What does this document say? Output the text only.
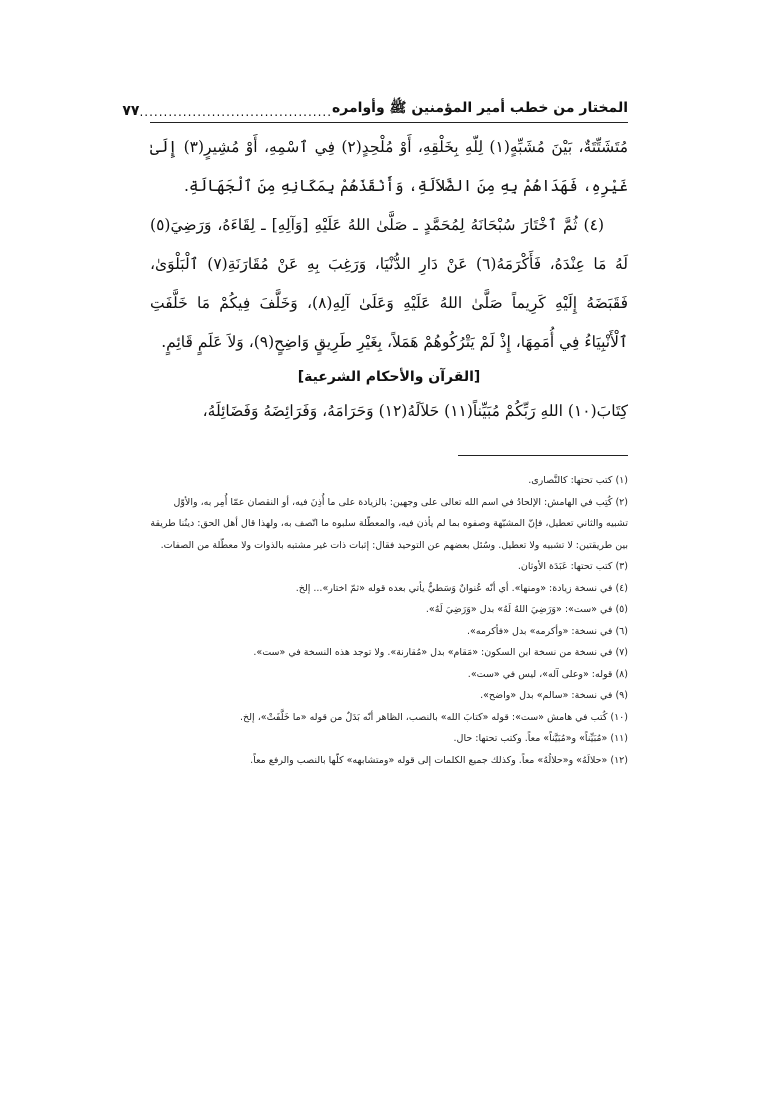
المختار من خطب أمير المؤمنين ﷺ وأوامره
........................................
٧٧

مُتَشَتِّتَةٌ، بَيْنَ مُشَبِّهٍ(١) لِلّهِ بِخَلْقِهِ، أَوْ مُلْحِدٍ(٢) فِي ٱسْمِهِ، أَوْ مُشِيرٍ(٣) إِلَىٰ غَيْرِهِ، فَهَدَاهُمْ بِهِ مِنَ الضَّلاَلَةِ، وَأَنْقَذَهُمْ بِمَكَانِهِ مِنَ ٱلْجَهَالَةِ.

(٤) ثُمَّ ٱخْتَارَ سُبْحَانَهُ لِمُحَمَّدٍ ـ صَلَّىٰ اللهُ عَلَيْهِ [وَآلِهِ] ـ لِقَاءَهُ، وَرَضِيَ(٥) لَهُ مَا عِنْدَهُ، فَأَكْرَمَهُ(٦) عَنْ دَارِ الدُّنْيَا، وَرَغِبَ بِهِ عَنْ مُقَارَنَةِ(٧) ٱلْبَلْوَىٰ، فَقَبَضَهُ إِلَيْهِ كَرِيماً صَلَّىٰ اللهُ عَلَيْهِ وَعَلَىٰ آلِهِ(٨)، وَخَلَّفَ فِيكُمْ مَا خَلَّفَتِ ٱلْأَنْبِيَاءُ فِي أُمَمِهَا، إِذْ لَمْ يَتْرُكُوهُمْ هَمَلاً، بِغَيْرِ طَرِيقٍ وَاضِحٍ(٩)، وَلاَ عَلَمٍ قَائِمٍ.

[القرآن والأحكام الشرعية]

كِتَابَ(١٠) اللهِ رَبِّكُمْ مُبَيِّناً(١١) حَلاَلَهُ(١٢) وَحَرَامَهُ، وَفَرَائِضَهُ وَفَضَائِلَهُ،

(١) كتب تحتها: كالنَّصارى.

(٢) كُتِب في الهامش: الإلحادُ في اسم الله تعالى على وجهين: بالزيادة على ما أُذِنَ فيه، أو النقصان عمّا أُمِر به، والأوّل تشبيه والثاني تعطيل، فإنّ المشبّهة وصفوه بما لم يأذن فيه، والمعطّلة سلبوه ما اتّصف به، ولهذا قال أهل الحق: دينُنا طريقة بين طريقتين: لا تشبيه ولا تعطيل. وسُئل بعضهم عن التوحيد فقال: إثبات ذات غير مشتبه بالذوات ولا معطّلة من الصفات.

(٣) كتب تحتها: عَبَدَة الأوثان.

(٤) في نسخة زيادة: «ومنها». أي أنّه عُنوانٌ وَسَطيٌّ يأتي بعده قوله «ثمّ اختار»... إلخ.

(٥) في «ست»: «وَرَضِيَ اللهُ لَهُ» بدل «وَرَضِيَ لَهُ».

(٦) في نسخة: «وأكرمه» بدل «فأكرمه».

(٧) في نسخة من نسخة ابن السكون: «مَقام» بدل «مُقارنة». ولا توجد هذه النسخة في «ست».

(٨) قوله: «وعلى آله»، ليس في «ست».

(٩) في نسخة: «سالم» بدل «واضح».

(١٠) كُتب في هامش «ست»: قوله «كتابَ الله» بالنصب، الظاهر أنّه بَدَلٌ من قوله «ما خَلَّفَتْ»، إلخ.

(١١) «مُبَيِّناً» و«مُبَيَّناً» معاً. وكتب تحتها: حال.

(١٢) «حلالَهُ» و«حلالُهُ» معاً. وكذلك جميع الكلمات إلى قوله «ومتشابهه» كلّها بالنصب والرفع معاً.
